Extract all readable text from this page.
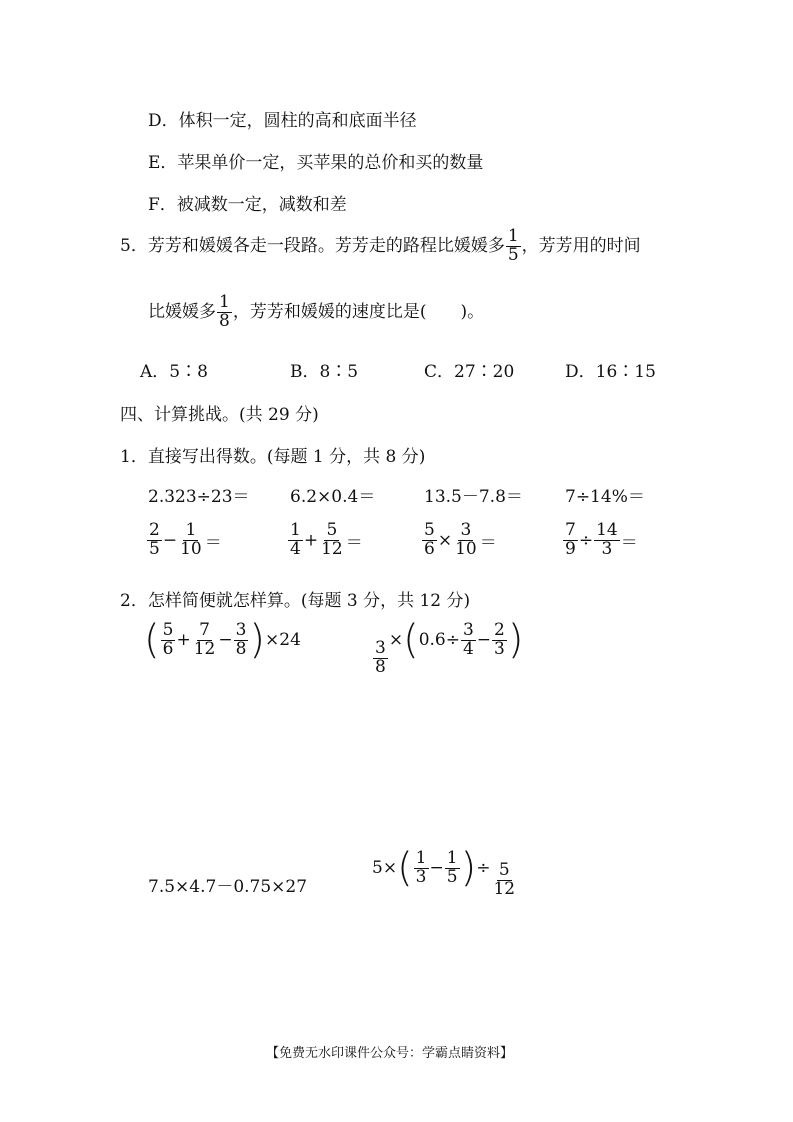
D．体积一定，圆柱的高和底面半径
E．苹果单价一定，买苹果的总价和买的数量
F．被减数一定，减数和差
5．芳芳和媛媛各走一段路。芳芳走的路程比媛媛多 $\frac{1}{5}$ ，芳芳用的时间
比媛媛多 $\frac{1}{8}$ ，芳芳和媛媛的速度比是(　　)。
A．5∶8	B．8∶5	C．27∶20	D．16∶15
四、计算挑战。(共 29 分)
1．直接写出得数。(每题 1 分，共 8 分)
2.323÷23＝ 6.2×0.4＝	13.5－7.8＝ 7÷14%＝
$\frac{2}{5} - \frac{1}{10}$ ＝	$\frac{1}{4} + \frac{5}{12}$ ＝	$\frac{5}{6} \times \frac{3}{10}$ ＝	$\frac{7}{9} \div \frac{14}{3}$ ＝
2．怎样简便就怎样算。(每题 3 分，共 12 分)
( $\frac{5}{6} + \frac{7}{12} - \frac{3}{8} )\times 24$	$\frac{3}{8} \times(0.6\div \frac{3}{4} - \frac{2}{3}$ )
7.5×4.7－0.75×27
$5\times( \frac{1}{3} - \frac{1}{5}$ )÷ $\frac{5}{12}$
【免费无水印课件公众号：学霸点睛资料】
